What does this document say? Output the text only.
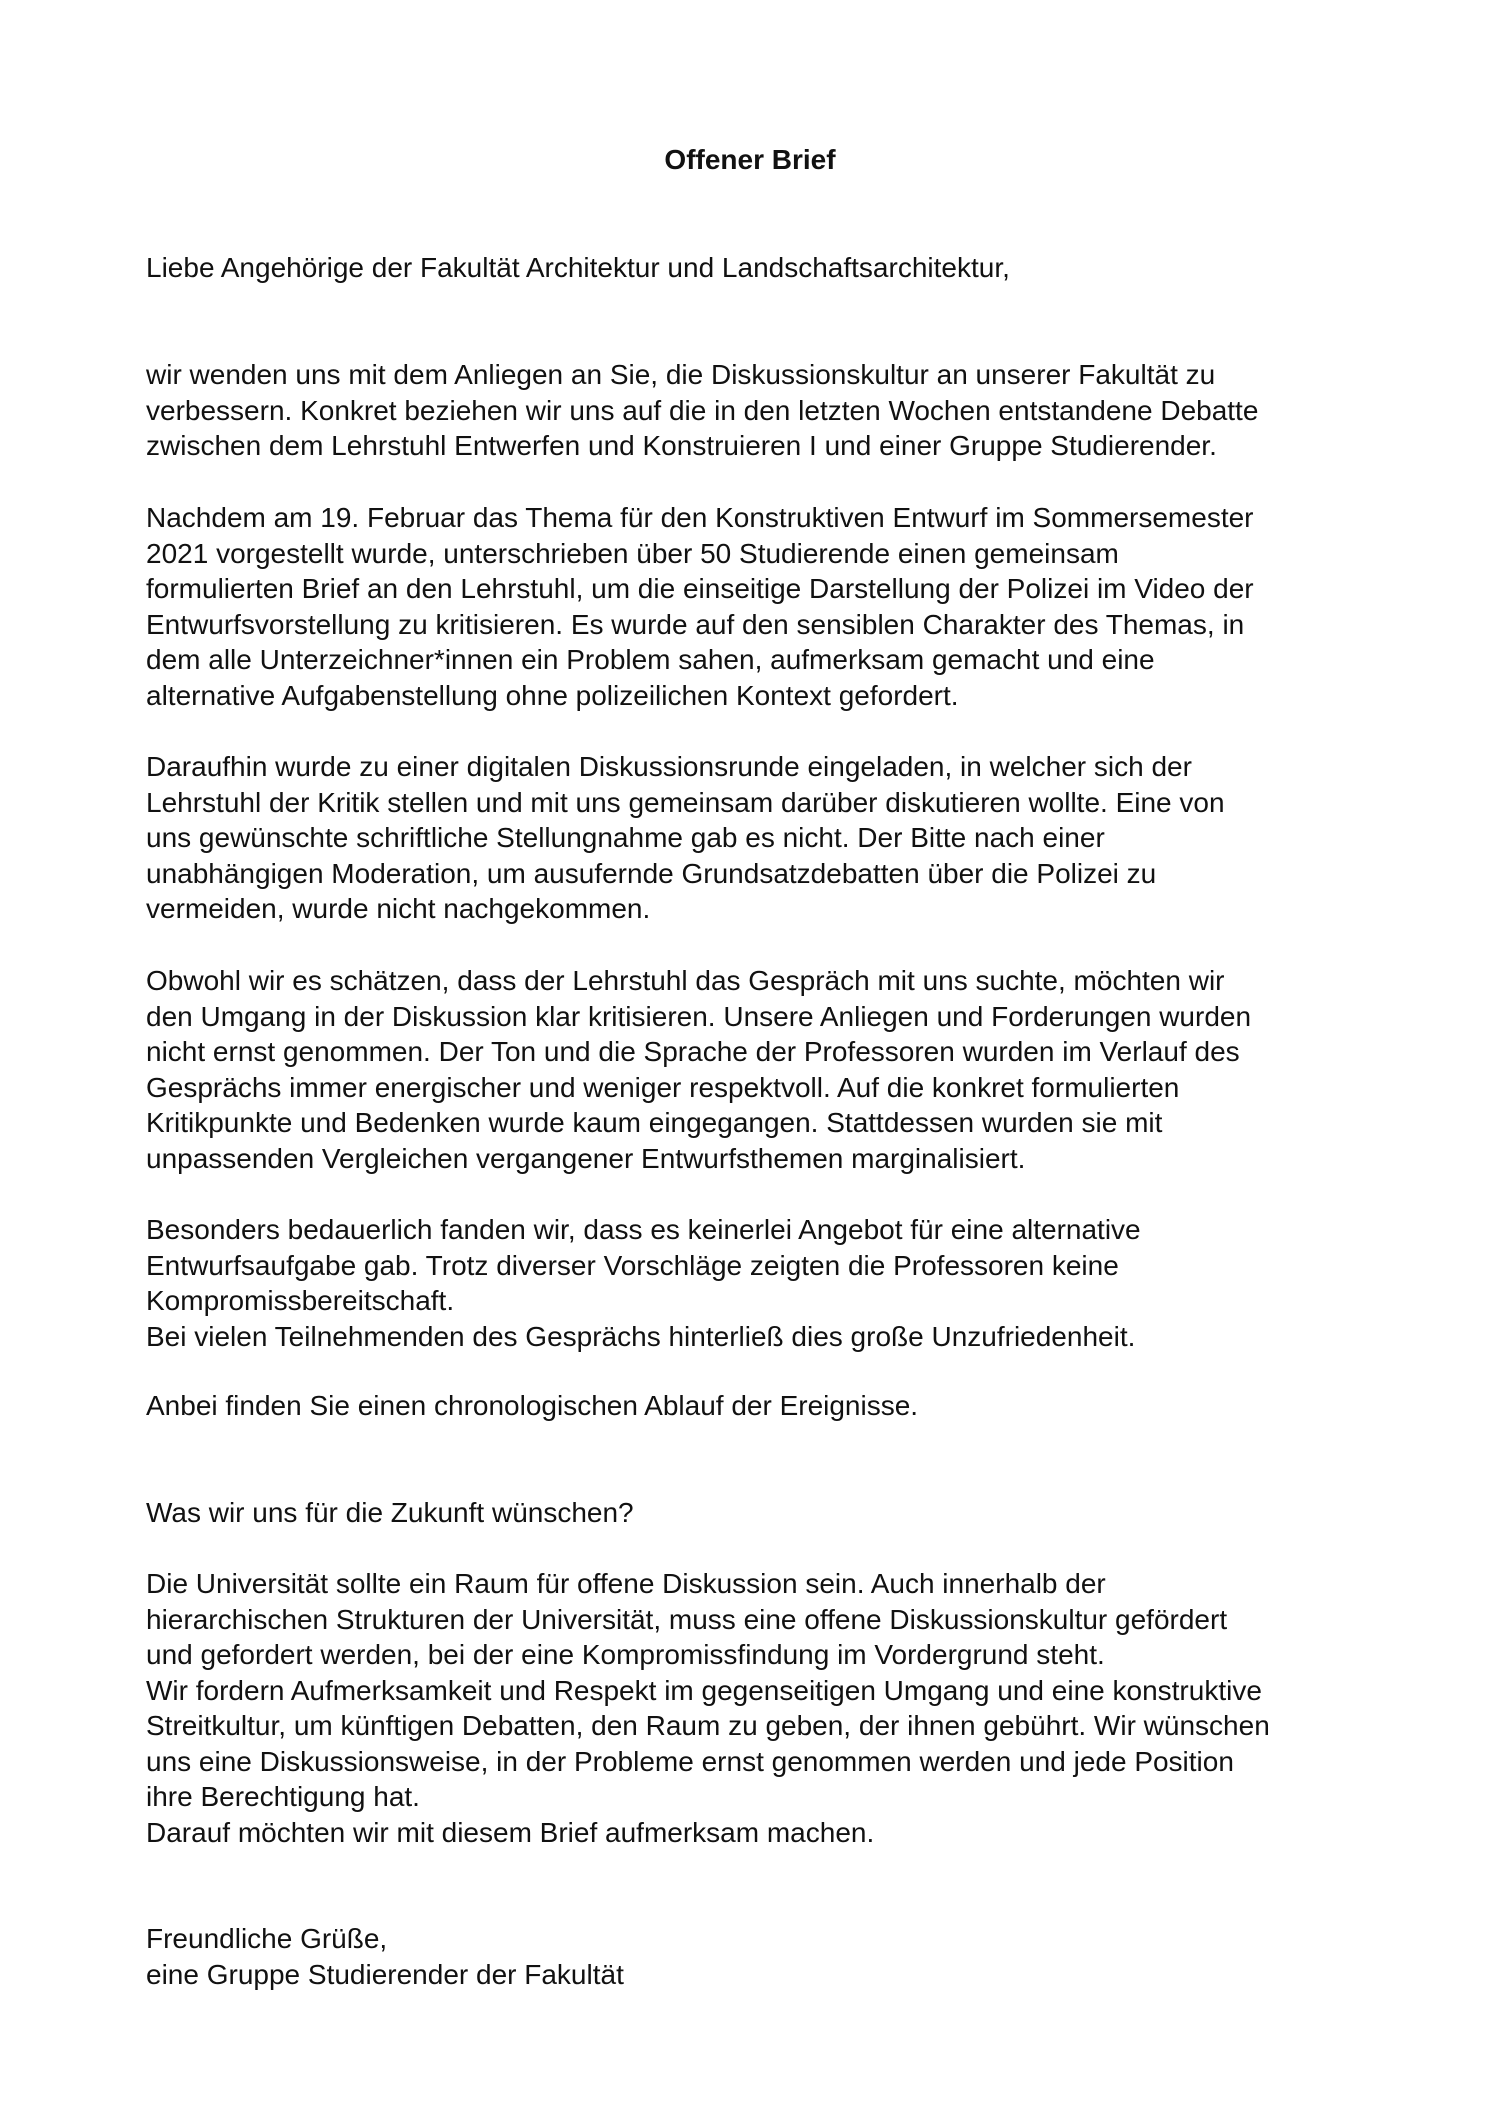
Offener Brief

Liebe Angehörige der Fakultät Architektur und Landschaftsarchitektur,

wir wenden uns mit dem Anliegen an Sie, die Diskussionskultur an unserer Fakultät zu
verbessern. Konkret beziehen wir uns auf die in den letzten Wochen entstandene Debatte
zwischen dem Lehrstuhl Entwerfen und Konstruieren I und einer Gruppe Studierender.
Nachdem am 19. Februar das Thema für den Konstruktiven Entwurf im Sommersemester
2021 vorgestellt wurde, unterschrieben über 50 Studierende einen gemeinsam
formulierten Brief an den Lehrstuhl, um die einseitige Darstellung der Polizei im Video der
Entwurfsvorstellung zu kritisieren. Es wurde auf den sensiblen Charakter des Themas, in
dem alle Unterzeichner*innen ein Problem sahen, aufmerksam gemacht und eine
alternative Aufgabenstellung ohne polizeilichen Kontext gefordert.
Daraufhin wurde zu einer digitalen Diskussionsrunde eingeladen, in welcher sich der
Lehrstuhl der Kritik stellen und mit uns gemeinsam darüber diskutieren wollte. Eine von
uns gewünschte schriftliche Stellungnahme gab es nicht. Der Bitte nach einer
unabhängigen Moderation, um ausufernde Grundsatzdebatten über die Polizei zu
vermeiden, wurde nicht nachgekommen.
Obwohl wir es schätzen, dass der Lehrstuhl das Gespräch mit uns suchte, möchten wir
den Umgang in der Diskussion klar kritisieren. Unsere Anliegen und Forderungen wurden
nicht ernst genommen. Der Ton und die Sprache der Professoren wurden im Verlauf des
Gesprächs immer energischer und weniger respektvoll. Auf die konkret formulierten
Kritikpunkte und Bedenken wurde kaum eingegangen. Stattdessen wurden sie mit
unpassenden Vergleichen vergangener Entwurfsthemen marginalisiert.
Besonders bedauerlich fanden wir, dass es keinerlei Angebot für eine alternative
Entwurfsaufgabe gab. Trotz diverser Vorschläge zeigten die Professoren keine
Kompromissbereitschaft.
Bei vielen Teilnehmenden des Gesprächs hinterließ dies große Unzufriedenheit.
Anbei finden Sie einen chronologischen Ablauf der Ereignisse.
Was wir uns für die Zukunft wünschen?
Die Universität sollte ein Raum für offene Diskussion sein. Auch innerhalb der
hierarchischen Strukturen der Universität, muss eine offene Diskussionskultur gefördert
und gefordert werden, bei der eine Kompromissfindung im Vordergrund steht.
Wir fordern Aufmerksamkeit und Respekt im gegenseitigen Umgang und eine konstruktive
Streitkultur, um künftigen Debatten, den Raum zu geben, der ihnen gebührt. Wir wünschen
uns eine Diskussionsweise, in der Probleme ernst genommen werden und jede Position
ihre Berechtigung hat.
Darauf möchten wir mit diesem Brief aufmerksam machen.
Freundliche Grüße,
eine Gruppe Studierender der Fakultät
